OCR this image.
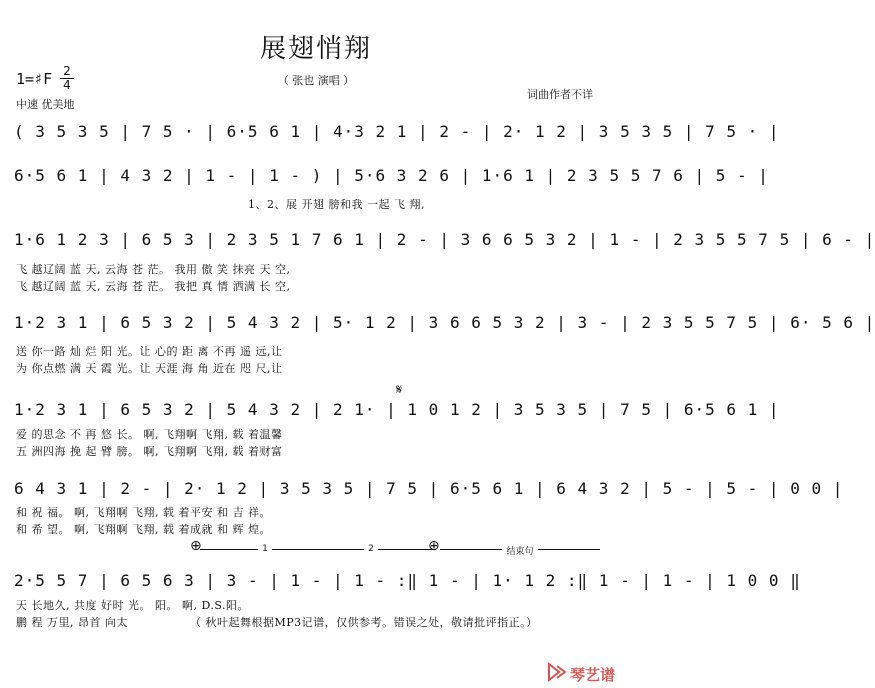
展翅悄翔
（ 张也 演唱 ）
1=♯F 2
4
中速 优美地
词曲作者不详
( 3 5 3 5 | 7 5 · | 6·5 6 1 | 4·3 2 1 | 2 - | 2· 1 2 | 3 5 3 5 | 7 5 · |
6·5 6 1 | 4 3 2 | 1 - | 1 - ) | 5·6 3 2 6 | 1·6 1 | 2 3 5 5 7 6 | 5 - |
1、2、展 开翅 膀和我 一起 飞 翔,
1·6 1 2 3 | 6 5 3 | 2 3 5 1 7 6 1 | 2 - | 3 6 6 5 3 2 | 1 - | 2 3 5 5 7 5 | 6 - |
飞 越辽阔 蓝 天, 云海 苍 茫。 我用 傲 笑 抹亮 天 空,
飞 越辽阔 蓝 天, 云海 苍 茫。 我把 真 情 洒满 长 空,
1·2 3 1 | 6 5 3 2 | 5 4 3 2 | 5· 1 2 | 3 6 6 5 3 2 | 3 - | 2 3 5 5 7 5 | 6· 5 6 |
送 你一路 灿 烂 阳 光。让 心的 距 离 不再 遥 远,让
为 你点燃 满 天 霞 光。让 天涯 海 角 近在 咫 尺,让
𝄋
1·2 3 1 | 6 5 3 2 | 5 4 3 2 | 2 1· | 1 0 1 2 | 3 5 3 5 | 7 5 | 6·5 6 1 |
爱 的思念 不 再 悠 长。 啊, 飞翔啊 飞翔, 载 着温馨
五 洲四海 挽 起 臂 膀。 啊, 飞翔啊 飞翔, 载 着财富
6 4 3 1 | 2 - | 2· 1 2 | 3 5 3 5 | 7 5 | 6·5 6 1 | 6 4 3 2 | 5 - | 5 - | 0 0 |
和 祝 福。 啊, 飞翔啊 飞翔, 载 着平安 和 吉 祥。
和 希 望。 啊, 飞翔啊 飞翔, 载 着成就 和 辉 煌。
⊕	⊕
1	2	结束句
2·5 5 7 | 6 5 6 3 | 3 - | 1 - | 1 - :‖ 1 - | 1· 1 2 :‖ 1 - | 1 - | 1 0 0 ‖
天 长地久, 共度 好时 光。 阳。 啊, D.S.阳。
鹏 程 万里, 昂首 向太	（ 秋叶起舞根据MP3记谱，仅供参考。错误之处，敬请批评指正。）
琴艺谱
